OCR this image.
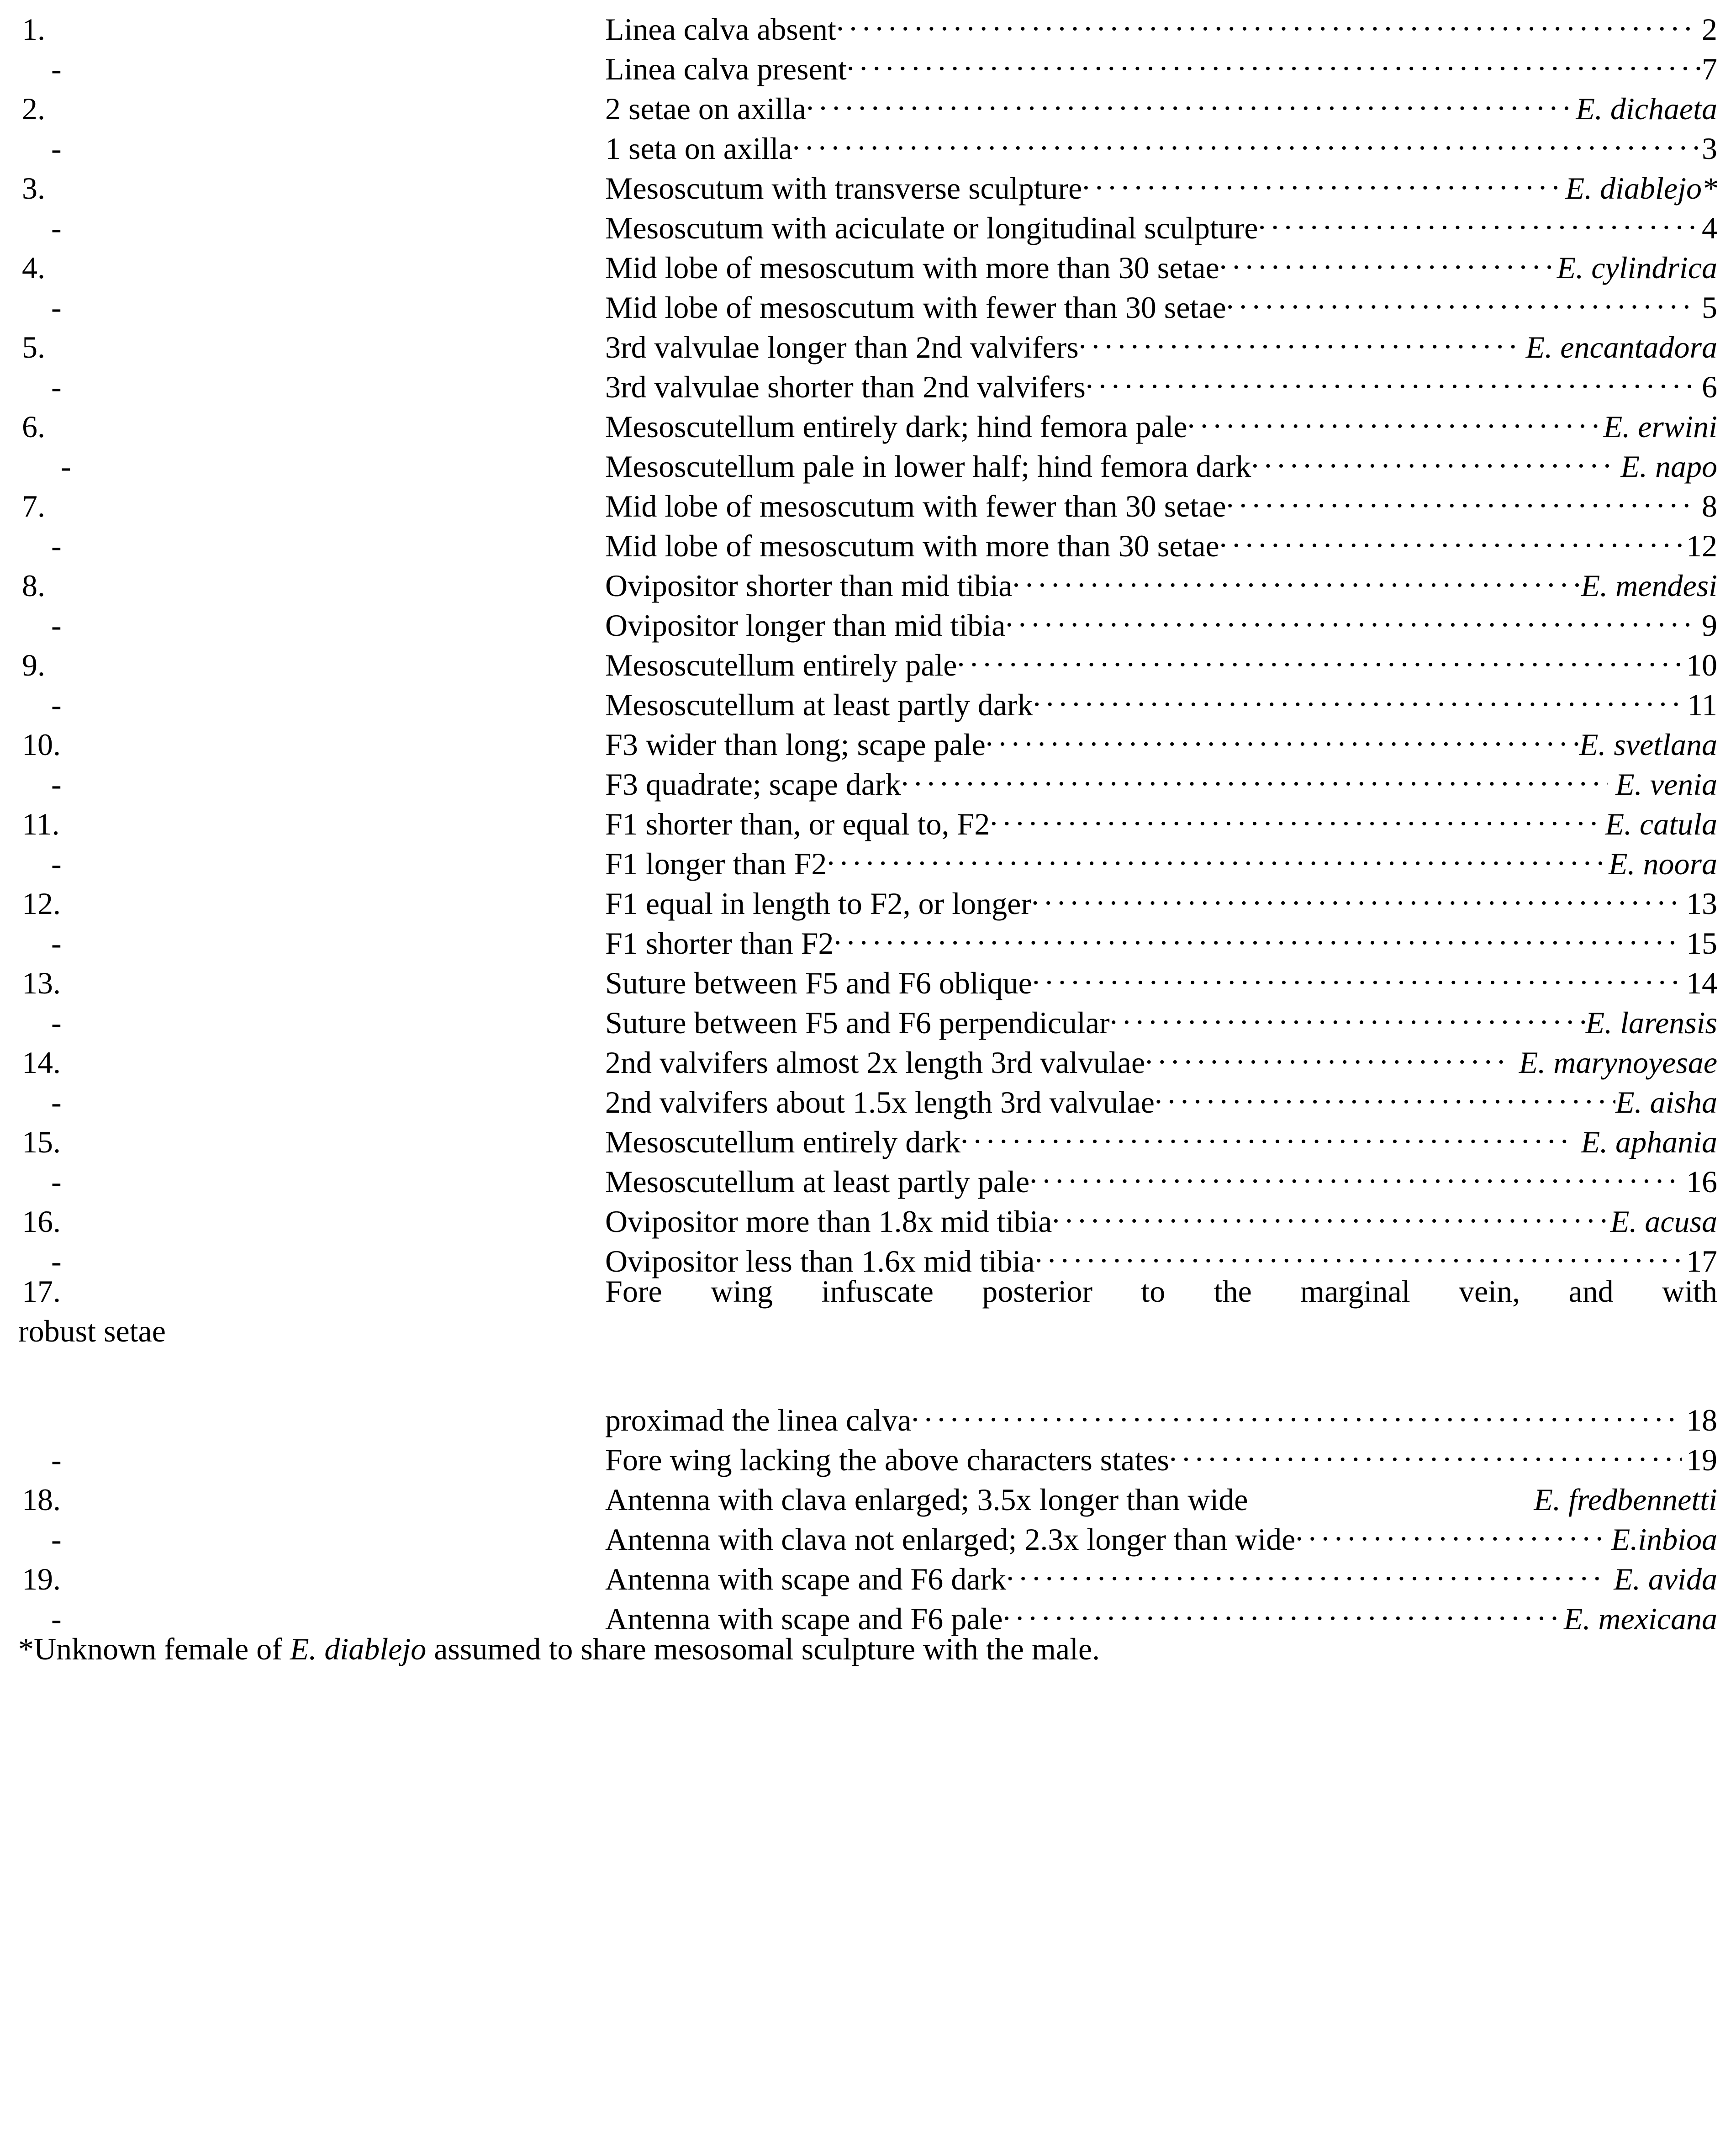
1.	Linea calva absent . . .	2
-	Linea calva present . . .	7
2.	2 setae on axilla . . .	E. dichaeta
-	1 seta on axilla . . .	3
3.	Mesoscutum with transverse sculpture . . .	E. diablejo*
-	Mesoscutum with aciculate or longitudinal sculpture . . .	4
4.	Mid lobe of mesoscutum with more than 30 setae . . .	E. cylindrica
-	Mid lobe of mesoscutum with fewer than 30 setae . . .	5
5.	3rd valvulae longer than 2nd valvifers . . .	E. encantadora
-	3rd valvulae shorter than 2nd valvifers . . .	6
6.	Mesoscutellum entirely dark; hind femora pale . . .	E. erwini
-	Mesoscutellum pale in lower half; hind femora dark . . .	E. napo
7.	Mid lobe of mesoscutum with fewer than 30 setae . . .	8
-	Mid lobe of mesoscutum with more than 30 setae . . .	12
8.	Ovipositor shorter than mid tibia . . .	E. mendesi
-	Ovipositor longer than mid tibia . . .	9
9.	Mesoscutellum entirely pale . . .	10
-	Mesoscutellum at least partly dark . . .	11
10.	F3 wider than long; scape pale . . .	E. svetlana
-	F3 quadrate; scape dark . . .	E. venia
11.	F1 shorter than, or equal to, F2 . . .	E. catula
-	F1 longer than F2 . . .	E. noora
12.	F1 equal in length to F2, or longer . . .	13
-	F1 shorter than F2 . . .	15
13.	Suture between F5 and F6 oblique . . .	14
-	Suture between F5 and F6 perpendicular . . .	E. larensis
14.	2nd valvifers almost 2x length 3rd valvulae . . .	E. marynoyesae
-	2nd valvifers about 1.5x length 3rd valvulae . . .	E. aisha
15.	Mesoscutellum entirely dark . . .	E. aphania
-	Mesoscutellum at least partly pale . . .	16
16.	Ovipositor more than 1.8x mid tibia . . .	E. acusa
-	Ovipositor less than 1.6x mid tibia . . .	17
17.	Fore wing infuscate posterior to the marginal vein, and with
robust setae
proximad the linea calva . . .	18
-	Fore wing lacking the above characters states . . .	19
18.	Antenna with clava enlarged; 3.5x longer than wide	E. fredbennetti
-	Antenna with clava not enlarged; 2.3x longer than wide . . .	E.inbioa
19.	Antenna with scape and F6 dark . . .	E. avida
-	Antenna with scape and F6 pale . . .	E. mexicana
*Unknown female of E. diablejo assumed to share mesosomal sculpture with the male.
